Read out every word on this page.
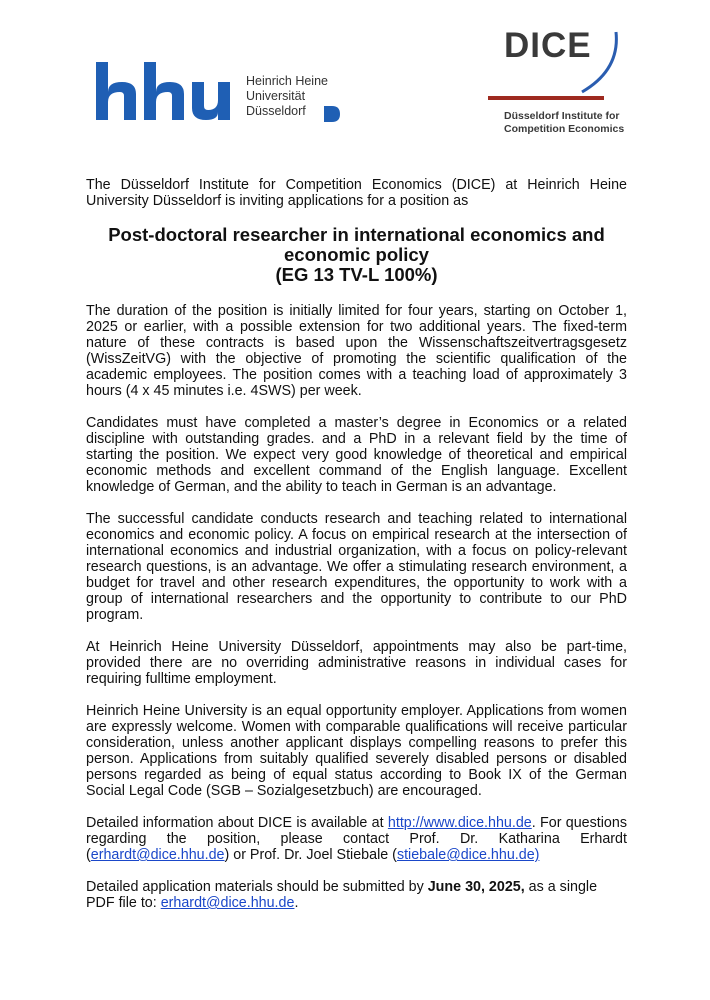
Heinrich Heine
Universität
Düsseldorf
DICE
Düsseldorf Institute for
Competition Economics

The Düsseldorf Institute for Competition Economics (DICE) at Heinrich Heine University Düsseldorf is inviting applications for a position as

Post-doctoral researcher in international economics and
economic policy
(EG 13 TV-L 100%)

The duration of the position is initially limited for four years, starting on October 1, 2025 or earlier, with a possible extension for two additional years. The fixed-term nature of these contracts is based upon the Wissenschaftszeitvertragsgesetz (WissZeitVG) with the objective of promoting the scientific qualification of the academic employees. The position comes with a teaching load of approximately 3 hours (4 x 45 minutes i.e. 4SWS) per week.

Candidates must have completed a master’s degree in Economics or a related discipline with outstanding grades. and a PhD in a relevant field by the time of starting the position. We expect very good knowledge of theoretical and empirical economic methods and excellent command of the English language. Excellent knowledge of German, and the ability to teach in German is an advantage.

The successful candidate conducts research and teaching related to international economics and economic policy. A focus on empirical research at the intersection of international economics and industrial organization, with a focus on policy-relevant research questions, is an advantage. We offer a stimulating research environment, a budget for travel and other research expenditures, the opportunity to work with a group of international researchers and the opportunity to contribute to our PhD program.

At Heinrich Heine University Düsseldorf, appointments may also be part-time, provided there are no overriding administrative reasons in individual cases for requiring fulltime employment.

Heinrich Heine University is an equal opportunity employer. Applications from women are expressly welcome. Women with comparable qualifications will receive particular consideration, unless another applicant displays compelling reasons to prefer this person. Applications from suitably qualified severely disabled persons or disabled persons regarded as being of equal status according to Book IX of the German Social Legal Code (SGB – Sozialgesetzbuch) are encouraged.

Detailed information about DICE is available at http://www.dice.hhu.de. For questions regarding the position, please contact Prof. Dr. Katharina Erhardt (erhardt@dice.hhu.de) or Prof. Dr. Joel Stiebale (stiebale@dice.hhu.de)

Detailed application materials should be submitted by June 30, 2025, as a single PDF file to: erhardt@dice.hhu.de.
